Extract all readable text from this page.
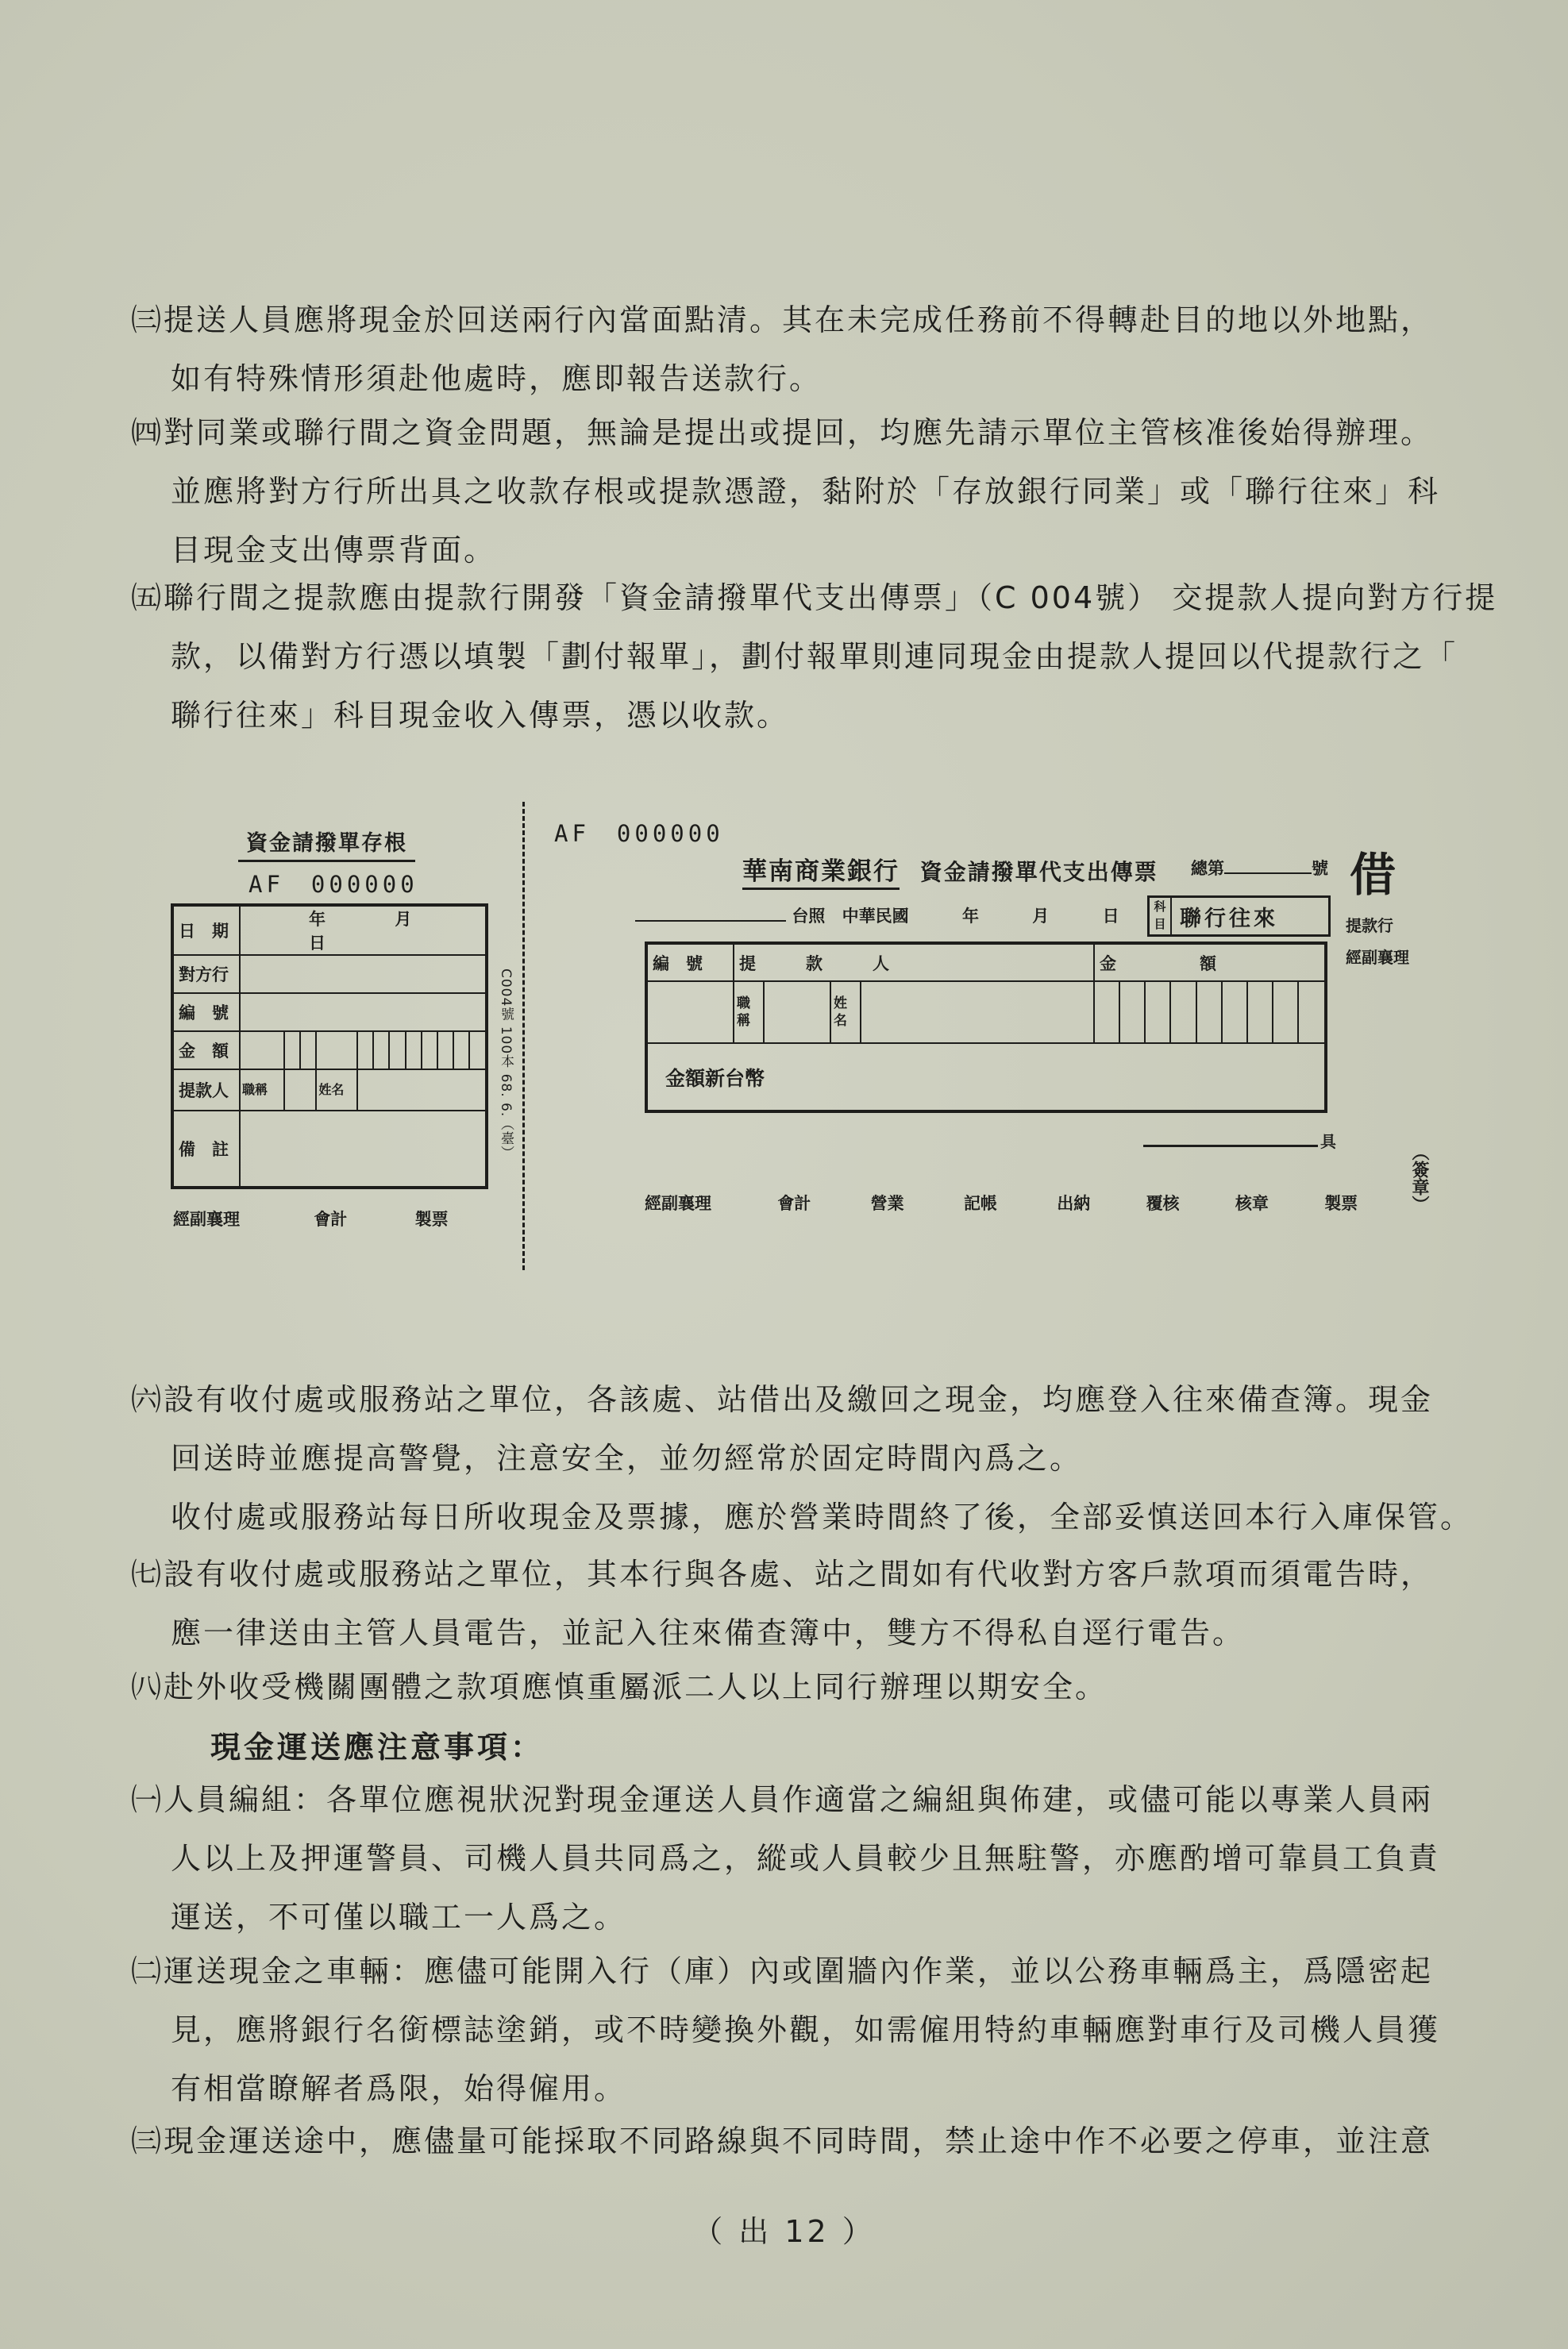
㈢提送人員應將現金於回送兩行內當面點清。其在未完成任務前不得轉赴目的地以外地點，
如有特殊情形須赴他處時，應即報告送款行。
㈣對同業或聯行間之資金問題，無論是提出或提回，均應先請示單位主管核准後始得辦理。
並應將對方行所出具之收款存根或提款憑證，黏附於「存放銀行同業」或「聯行往來」科
目現金支出傳票背面。
㈤聯行間之提款應由提款行開發「資金請撥單代支出傳票」（C 004號） 交提款人提向對方行提
款，以備對方行憑以填製「劃付報單」，劃付報單則連同現金由提款人提回以代提款行之「
聯行往來」科目現金收入傳票，憑以收款。
資金請撥單存根
AF　000000
日　期	年 月 日											
對方行												
編　號												
金　額												
提款人	職稱			姓名								
備　註													C004號 100本 68. 6.（臺）
經副襄理	會計	製票
AF　000000
華南商業銀行 資金請撥單代支出傳票 總第	號 借
提款行
經副襄理
台照 中華民國	年	月	日	科目 聯行往來
編　號	提　　　款　　　人				金　　　　　額								
	職稱		姓名										
金額新台幣													
具
（簽章）
經副襄理	會計	營業	記帳	出納	覆核	核章	製票
㈥設有收付處或服務站之單位，各該處、站借出及繳回之現金，均應登入往來備查簿。現金
回送時並應提高警覺，注意安全，並勿經常於固定時間內爲之。
收付處或服務站每日所收現金及票據，應於營業時間終了後，全部妥慎送回本行入庫保管。
㈦設有收付處或服務站之單位，其本行與各處、站之間如有代收對方客戶款項而須電告時，
應一律送由主管人員電告，並記入往來備查簿中，雙方不得私自逕行電告。
㈧赴外收受機關團體之款項應慎重屬派二人以上同行辦理以期安全。
現金運送應注意事項：
㈠人員編組：各單位應視狀況對現金運送人員作適當之編組與佈建，或儘可能以專業人員兩
人以上及押運警員、司機人員共同爲之，縱或人員較少且無駐警，亦應酌增可靠員工負責
運送，不可僅以職工一人爲之。
㈡運送現金之車輛：應儘可能開入行（庫）內或圍牆內作業，並以公務車輛爲主，爲隱密起
見，應將銀行名銜標誌塗銷，或不時變換外觀，如需僱用特約車輛應對車行及司機人員獲
有相當瞭解者爲限，始得僱用。
㈢現金運送途中，應儘量可能採取不同路線與不同時間，禁止途中作不必要之停車，並注意
（ 出 12 ）
